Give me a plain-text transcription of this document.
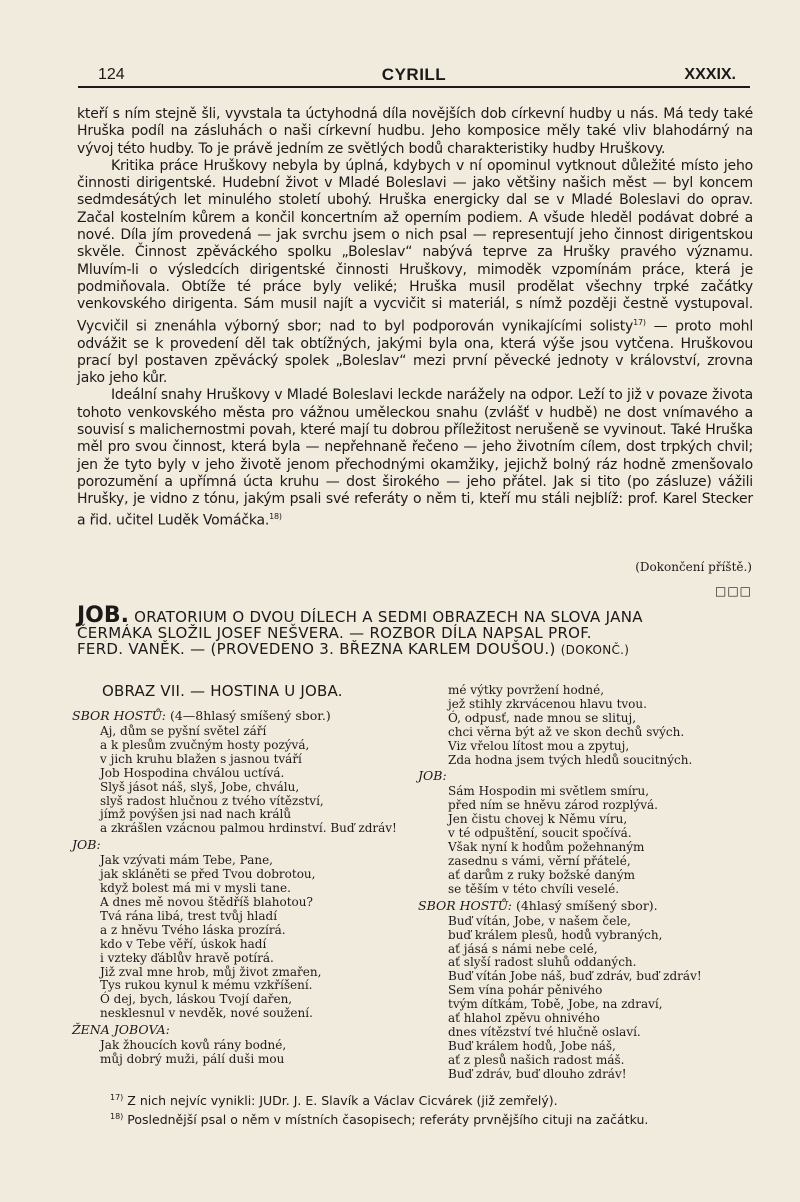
124	CYRILL	XXXIX.

kteří s ním stejně šli, vyvstala ta úctyhodná díla novějších dob církevní hudby u nás. Má tedy také Hruška podíl na zásluhách o naši církevní hudbu. Jeho komposice měly také vliv blahodárný na vývoj této hudby. To je právě jedním ze světlých bodů charakteristiky hudby Hruškovy.

Kritika práce Hruškovy nebyla by úplná, kdybych v ní opominul vytknout důležité místo jeho činnosti dirigentské. Hudební život v Mladé Boleslavi — jako většiny našich měst — byl koncem sedmdesátých let minulého století ubohý. Hruška energicky dal se v Mladé Boleslavi do oprav. Začal kostelním kůrem a končil koncertním až operním podiem. A všude hleděl podávat dobré a nové. Díla jím provedená — jak svrchu jsem o nich psal — representují jeho činnost dirigentskou skvěle. Činnost zpěváckého spolku „Boleslav“ nabývá teprve za Hrušky pravého významu. Mluvím-li o výsledcích dirigentské činnosti Hruškovy, mimoděk vzpomínám práce, která je podmiňovala. Obtíže té práce byly veliké; Hruška musil prodělat všechny trpké začátky venkovského dirigenta. Sám musil najít a vycvičit si materiál, s nímž později čestně vystupoval. Vycvičil si znenáhla výborný sbor; nad to byl podporován vynikajícími solisty$^{17)}$ — proto mohl odvážit se k provedení děl tak obtížných, jakými byla ona, která výše jsou vytčena. Hruškovou prací byl postaven zpěvácký spolek „Boleslav“ mezi první pěvecké jednoty v království, zrovna jako jeho kůr.

Ideální snahy Hruškovy v Mladé Boleslavi leckde narážely na odpor. Leží to již v povaze života tohoto venkovského města pro vážnou uměleckou snahu (zvlášť v hudbě) ne dost vnímavého a souvisí s malichernostmi povah, které mají tu dobrou příležitost nerušeně se vyvinout. Také Hruška měl pro svou činnost, která byla — nepřehnaně řečeno — jeho životním cílem, dost trpkých chvil; jen že tyto byly v jeho životě jenom přechodnými okamžiky, jejichž bolný ráz hodně zmenšovalo porozumění a upřímná úcta kruhu — dost širokého — jeho přátel. Jak si tito (po zásluze) vážili Hrušky, je vidno z tónu, jakým psali své referáty o něm ti, kteří mu stáli nejblíž: prof. Karel Stecker a řid. učitel Luděk Vomáčka.$^{18)}$

(Dokončení příště.)
□□□
JOB. ORATORIUM O DVOU DÍLECH A SEDMI OBRAZECH NA SLOVA JANA
ČERMÁKA SLOŽIL JOSEF NEŠVERA. — ROZBOR DÍLA NAPSAL PROF.
FERD. VANĚK. — (PROVEDENO 3. BŘEZNA KARLEM DOUŠOU.) (DOKONČ.)
OBRAZ VII. — HOSTINA U JOBA.
SBOR HOSTŮ: (4—8hlasý smíšený sbor.)
Aj, dům se pyšní světel září
a k plesům zvučným hosty pozývá,
v jich kruhu blažen s jasnou tváří
Job Hospodina chválou uctívá.
Slyš jásot náš, slyš, Jobe, chválu,
slyš radost hlučnou z tvého vítězství,
jímž povýšen jsi nad nach králů
a zkrášlen vzácnou palmou hrdinství. Buď zdráv!
JOB:
Jak vzývati mám Tebe, Pane,
jak skláněti se před Tvou dobrotou,
když bolest má mi v mysli tane.
A dnes mě novou štědříš blahotou?
Tvá rána libá, trest tvůj hladí
a z hněvu Tvého láska prozírá.
kdo v Tebe věří, úskok hadí
i vzteky ďáblův hravě potírá.
Již zval mne hrob, můj život zmařen,
Tys rukou kynul k mému vzkříšení.
Ó dej, bych, láskou Tvojí dařen,
nesklesnul v nevděk, nové soužení.
ŽENA JOBOVA:
Jak žhoucích kovů rány bodné,
můj dobrý muži, pálí duši mou
mé výtky povržení hodné,
jež stihly zkrvácenou hlavu tvou.
Ó, odpusť, nade mnou se slituj,
chci věrna být až ve skon dechů svých.
Viz vřelou lítost mou a zpytuj,
Zda hodna jsem tvých hledů soucitných.
JOB:
Sám Hospodin mi světlem smíru,
před ním se hněvu zárod rozplývá.
Jen čistu chovej k Němu víru,
v té odpuštění, soucit spočívá.
Však nyní k hodům požehnaným
zasednu s vámi, věrní přátelé,
ať darům z ruky božské daným
se těším v této chvíli veselé.
SBOR HOSTŮ: (4hlasý smíšený sbor).
Buď vítán, Jobe, v našem čele,
buď králem plesů, hodů vybraných,
ať jásá s námi nebe celé,
ať slyší radost sluhů oddaných.
Buď vítán Jobe náš, buď zdráv, buď zdráv!
Sem vína pohár pěnivého
tvým dítkám, Tobě, Jobe, na zdraví,
ať hlahol zpěvu ohnivého
dnes vítězství tvé hlučně oslaví.
Buď králem hodů, Jobe náš,
ať z plesů našich radost máš.
Buď zdráv, buď dlouho zdráv!
$^{17)}$ Z nich nejvíc vynikli: JUDr. J. E. Slavík a Václav Cicvárek (již zemřelý).
$^{18)}$ Poslednější psal o něm v místních časopisech; referáty prvnějšího cituji na začátku.
